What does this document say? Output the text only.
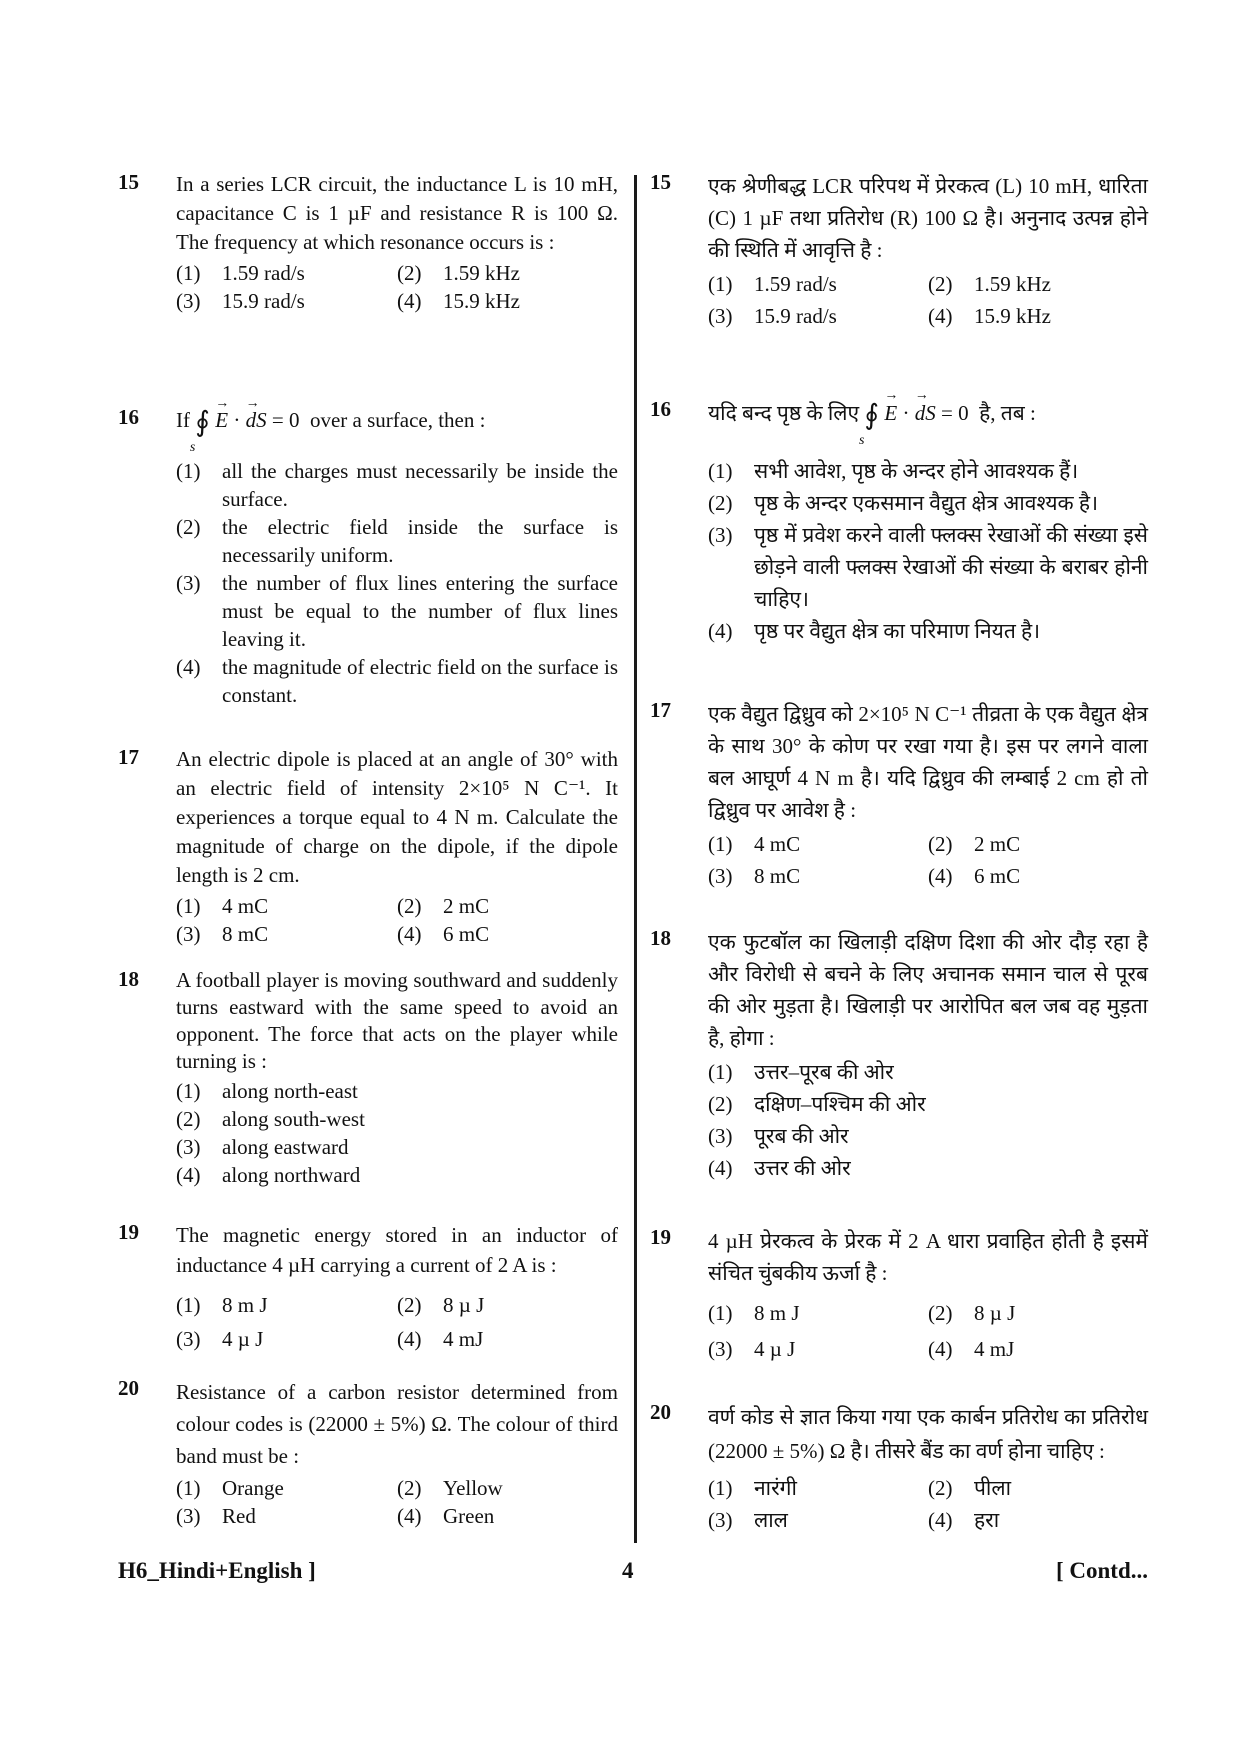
15	In a series LCR circuit, the inductance L is 10 mH, capacitance C is 1 µF and resistance R is 100 Ω. The frequency at which resonance occurs is :
(1)	1.59 rad/s	(2)	1.59 kHz
(3)	15.9 rad/s	(4)	15.9 kHz
16	If $∮_s\to E$ · → dS = 0  over a surface, then :
(1)	all the charges must necessarily be inside the surface.
(2)	the electric field inside the surface is necessarily uniform.
(3)	the number of flux lines entering the surface must be equal to the number of flux lines leaving it.
(4)	the magnitude of electric field on the surface is constant.
17	An electric dipole is placed at an angle of 30° with an electric field of intensity 2×10⁵ N C⁻¹. It experiences a torque equal to 4 N m. Calculate the magnitude of charge on the dipole, if the dipole length is 2 cm.
(1)	4 mC	(2)	2 mC
(3)	8 mC	(4)	6 mC
18	A football player is moving southward and suddenly turns eastward with the same speed to avoid an opponent. The force that acts on the player while turning is :
(1)	along north-east
(2)	along south-west
(3)	along eastward
(4)	along northward
19	The magnetic energy stored in an inductor of inductance 4 µH carrying a current of 2 A is :
(1)	8 m J	(2)	8 µ J
(3)	4 µ J	(4)	4 mJ
20	Resistance of a carbon resistor determined from colour codes is (22000 ± 5%) Ω. The colour of third band must be :
(1)	Orange	(2)	Yellow
(3)	Red	(4)	Green
15	एक श्रेणीबद्ध LCR परिपथ में प्रेरकत्व (L) 10 mH, धारिता (C) 1 µF तथा प्रतिरोध (R) 100 Ω है। अनुनाद उत्पन्न होने की स्थिति में आवृत्ति है :
(1)	1.59 rad/s	(2)	1.59 kHz
(3)	15.9 rad/s	(4)	15.9 kHz
16	यदि बन्द पृष्ठ के लिए $∮_s\to E$ · → dS = 0  है, तब :
(1)	सभी आवेश, पृष्ठ के अन्दर होने आवश्यक हैं।
(2)	पृष्ठ के अन्दर एकसमान वैद्युत क्षेत्र आवश्यक है।
(3)	पृष्ठ में प्रवेश करने वाली फ्लक्स रेखाओं की संख्या इसे छोड़ने वाली फ्लक्स रेखाओं की संख्या के बराबर होनी चाहिए।
(4)	पृष्ठ पर वैद्युत क्षेत्र का परिमाण नियत है।
17	एक वैद्युत द्विध्रुव को 2×10⁵ N C⁻¹ तीव्रता के एक वैद्युत क्षेत्र के साथ 30° के कोण पर रखा गया है। इस पर लगने वाला बल आघूर्ण 4 N m है। यदि द्विध्रुव की लम्बाई 2 cm हो तो द्विध्रुव पर आवेश है :
(1)	4 mC	(2)	2 mC
(3)	8 mC	(4)	6 mC
18	एक फुटबॉल का खिलाड़ी दक्षिण दिशा की ओर दौड़ रहा है और विरोधी से बचने के लिए अचानक समान चाल से पूरब की ओर मुड़ता है। खिलाड़ी पर आरोपित बल जब वह मुड़ता है, होगा :
(1)	उत्तर–पूरब की ओर
(2)	दक्षिण–पश्चिम की ओर
(3)	पूरब की ओर
(4)	उत्तर की ओर
19	4 µH प्रेरकत्व के प्रेरक में 2 A धारा प्रवाहित होती है इसमें संचित चुंबकीय ऊर्जा है :
(1)	8 m J	(2)	8 µ J
(3)	4 µ J	(4)	4 mJ
20	वर्ण कोड से ज्ञात किया गया एक कार्बन प्रतिरोध का प्रतिरोध (22000 ± 5%) Ω है। तीसरे बैंड का वर्ण होना चाहिए :
(1)	नारंगी	(2)	पीला
(3)	लाल	(4)	हरा
H6_Hindi+English ]	4	[ Contd...
